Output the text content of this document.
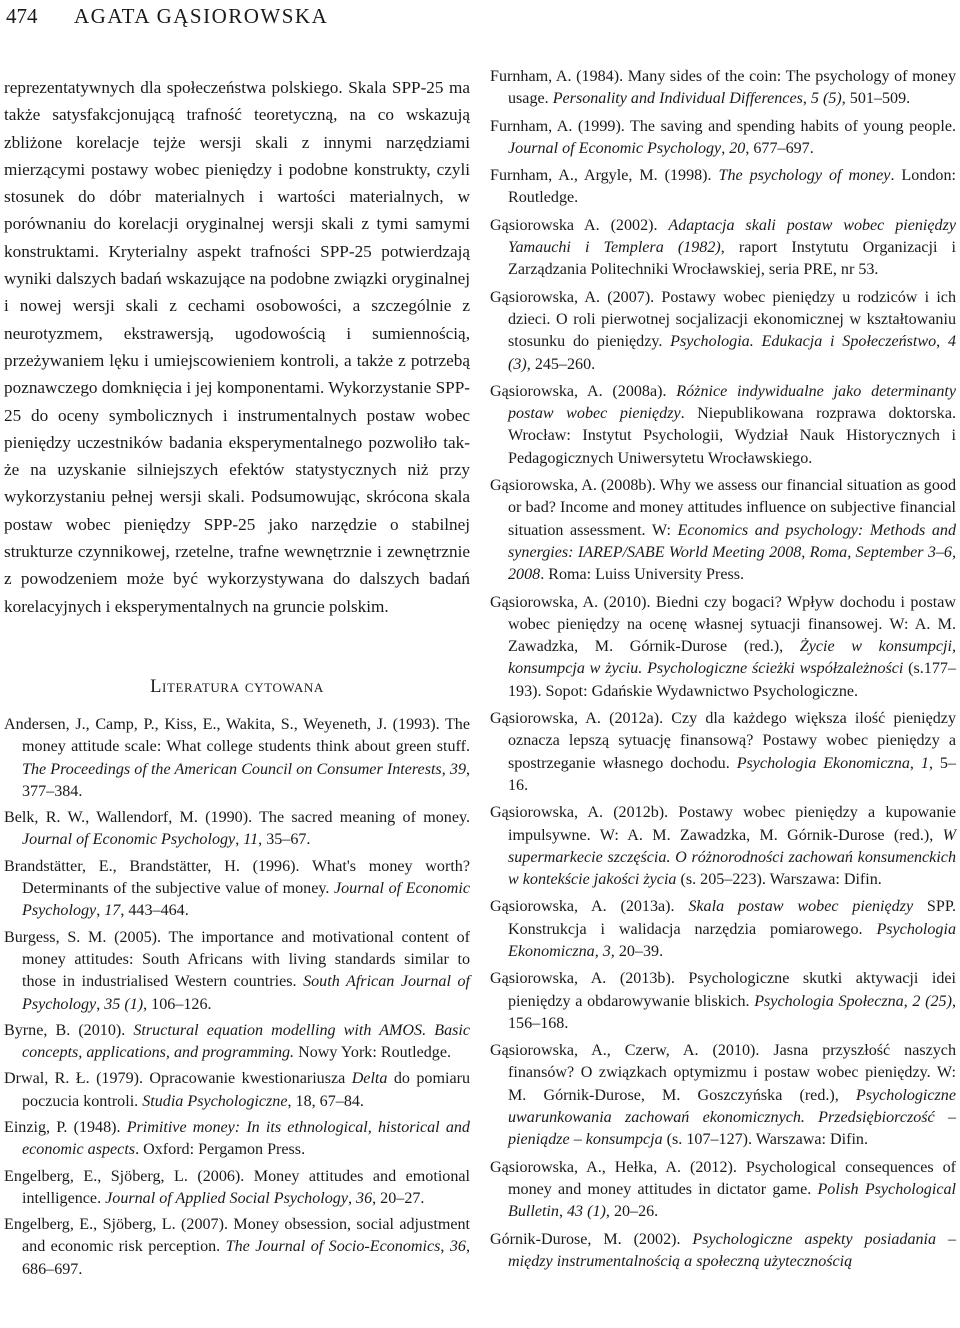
474 AGATA GĄSIOROWSKA

reprezentatywnych dla społeczeństwa polskiego. Skala SPP-25 ma także satysfakcjonującą trafność teoretyczną, na co wskazują zbliżone korelacje tejże wersji skali z innymi narzędziami mierzącymi postawy wobec pieniędzy i podobne konstrukty, czyli stosunek do dóbr materialnych i wartości materialnych, w porównaniu do korelacji oryginalnej wersji skali z tymi samymi konstruktami. Kryterialny aspekt trafności SPP-25 potwierdzają wyniki dalszych badań wskazujące na podobne związki oryginalnej i nowej wersji skali z cechami osobowości, a szczególnie z neurotyzmem, ekstrawersją, ugodowością i sumiennością, przeżywaniem lęku i umiejscowieniem kontroli, a także z potrzebą poznawczego domknięcia i jej komponentami. Wykorzystanie SPP-25 do oceny symbolicznych i instrumentalnych postaw wobec pieniędzy uczestników badania eksperymentalnego pozwoliło także na uzyskanie silniejszych efektów statystycznych niż przy wykorzystaniu pełnej wersji skali. Podsumowując, skrócona skala postaw wobec pieniędzy SPP-25 jako narzędzie o stabilnej strukturze czynnikowej, rzetelne, trafne wewnętrznie i zewnętrznie z powodzeniem może być wykorzystywana do dalszych badań korelacyjnych i eksperymentalnych na gruncie polskim.

Literatura cytowana
Andersen, J., Camp, P., Kiss, E., Wakita, S., Weyeneth, J. (1993). The money attitude scale: What college students think about green stuff. The Proceedings of the American Council on Consumer Interests, 39, 377–384.
Belk, R. W., Wallendorf, M. (1990). The sacred meaning of money. Journal of Economic Psychology, 11, 35–67.
Brandstätter, E., Brandstätter, H. (1996). What's money worth? Determinants of the subjective value of money. Journal of Economic Psychology, 17, 443–464.
Burgess, S. M. (2005). The importance and motivational content of money attitudes: South Africans with living standards similar to those in industrialised Western countries. South African Journal of Psychology, 35 (1), 106–126.
Byrne, B. (2010). Structural equation modelling with AMOS. Basic concepts, applications, and programming. Nowy York: Routledge.
Drwal, R. Ł. (1979). Opracowanie kwestionariusza Delta do pomiaru poczucia kontroli. Studia Psychologiczne, 18, 67–84.
Einzig, P. (1948). Primitive money: In its ethnological, historical and economic aspects. Oxford: Pergamon Press.
Engelberg, E., Sjöberg, L. (2006). Money attitudes and emotional intelligence. Journal of Applied Social Psychology, 36, 20–27.
Engelberg, E., Sjöberg, L. (2007). Money obsession, social adjustment and economic risk perception. The Journal of Socio-Economics, 36, 686–697.
Furnham, A. (1984). Many sides of the coin: The psychology of money usage. Personality and Individual Differences, 5 (5), 501–509.
Furnham, A. (1999). The saving and spending habits of young people. Journal of Economic Psychology, 20, 677–697.
Furnham, A., Argyle, M. (1998). The psychology of money. London: Routledge.
Gąsiorowska A. (2002). Adaptacja skali postaw wobec pieniędzy Yamauchi i Templera (1982), raport Instytutu Organizacji i Zarządzania Politechniki Wrocławskiej, seria PRE, nr 53.
Gąsiorowska, A. (2007). Postawy wobec pieniędzy u rodziców i ich dzieci. O roli pierwotnej socjalizacji ekonomicznej w kształtowaniu stosunku do pieniędzy. Psychologia. Edukacja i Społeczeństwo, 4 (3), 245–260.
Gąsiorowska, A. (2008a). Różnice indywidualne jako determinanty postaw wobec pieniędzy. Niepublikowana rozprawa doktorska. Wrocław: Instytut Psychologii, Wydział Nauk Historycznych i Pedagogicznych Uniwersytetu Wrocławskiego.
Gąsiorowska, A. (2008b). Why we assess our financial situation as good or bad? Income and money attitudes influence on subjective financial situation assessment. W: Economics and psychology: Methods and synergies: IAREP/SABE World Meeting 2008, Roma, September 3–6, 2008. Roma: Luiss University Press.
Gąsiorowska, A. (2010). Biedni czy bogaci? Wpływ dochodu i postaw wobec pieniędzy na ocenę własnej sytuacji finansowej. W: A. M. Zawadzka, M. Górnik-Durose (red.), Życie w konsumpcji, konsumpcja w życiu. Psychologiczne ścieżki współzależności (s.177–193). Sopot: Gdańskie Wydawnictwo Psychologiczne.
Gąsiorowska, A. (2012a). Czy dla każdego większa ilość pieniędzy oznacza lepszą sytuację finansową? Postawy wobec pieniędzy a spostrzeganie własnego dochodu. Psychologia Ekonomiczna, 1, 5–16.
Gąsiorowska, A. (2012b). Postawy wobec pieniędzy a kupowanie impulsywne. W: A. M. Zawadzka, M. Górnik-Durose (red.), W supermarkecie szczęścia. O różnorodności zachowań konsumenckich w kontekście jakości życia (s. 205–223). Warszawa: Difin.
Gąsiorowska, A. (2013a). Skala postaw wobec pieniędzy SPP. Konstrukcja i walidacja narzędzia pomiarowego. Psychologia Ekonomiczna, 3, 20–39.
Gąsiorowska, A. (2013b). Psychologiczne skutki aktywacji idei pieniędzy a obdarowywanie bliskich. Psychologia Społeczna, 2 (25), 156–168.
Gąsiorowska, A., Czerw, A. (2010). Jasna przyszłość naszych finansów? O związkach optymizmu i postaw wobec pieniędzy. W: M. Górnik-Durose, M. Goszczyńska (red.), Psychologiczne uwarunkowania zachowań ekonomicznych. Przedsiębiorczość – pieniądze – konsumpcja (s. 107–127). Warszawa: Difin.
Gąsiorowska, A., Hełka, A. (2012). Psychological consequences of money and money attitudes in dictator game. Polish Psychological Bulletin, 43 (1), 20–26.
Górnik-Durose, M. (2002). Psychologiczne aspekty posiadania – między instrumentalnością a społeczną użytecznością
